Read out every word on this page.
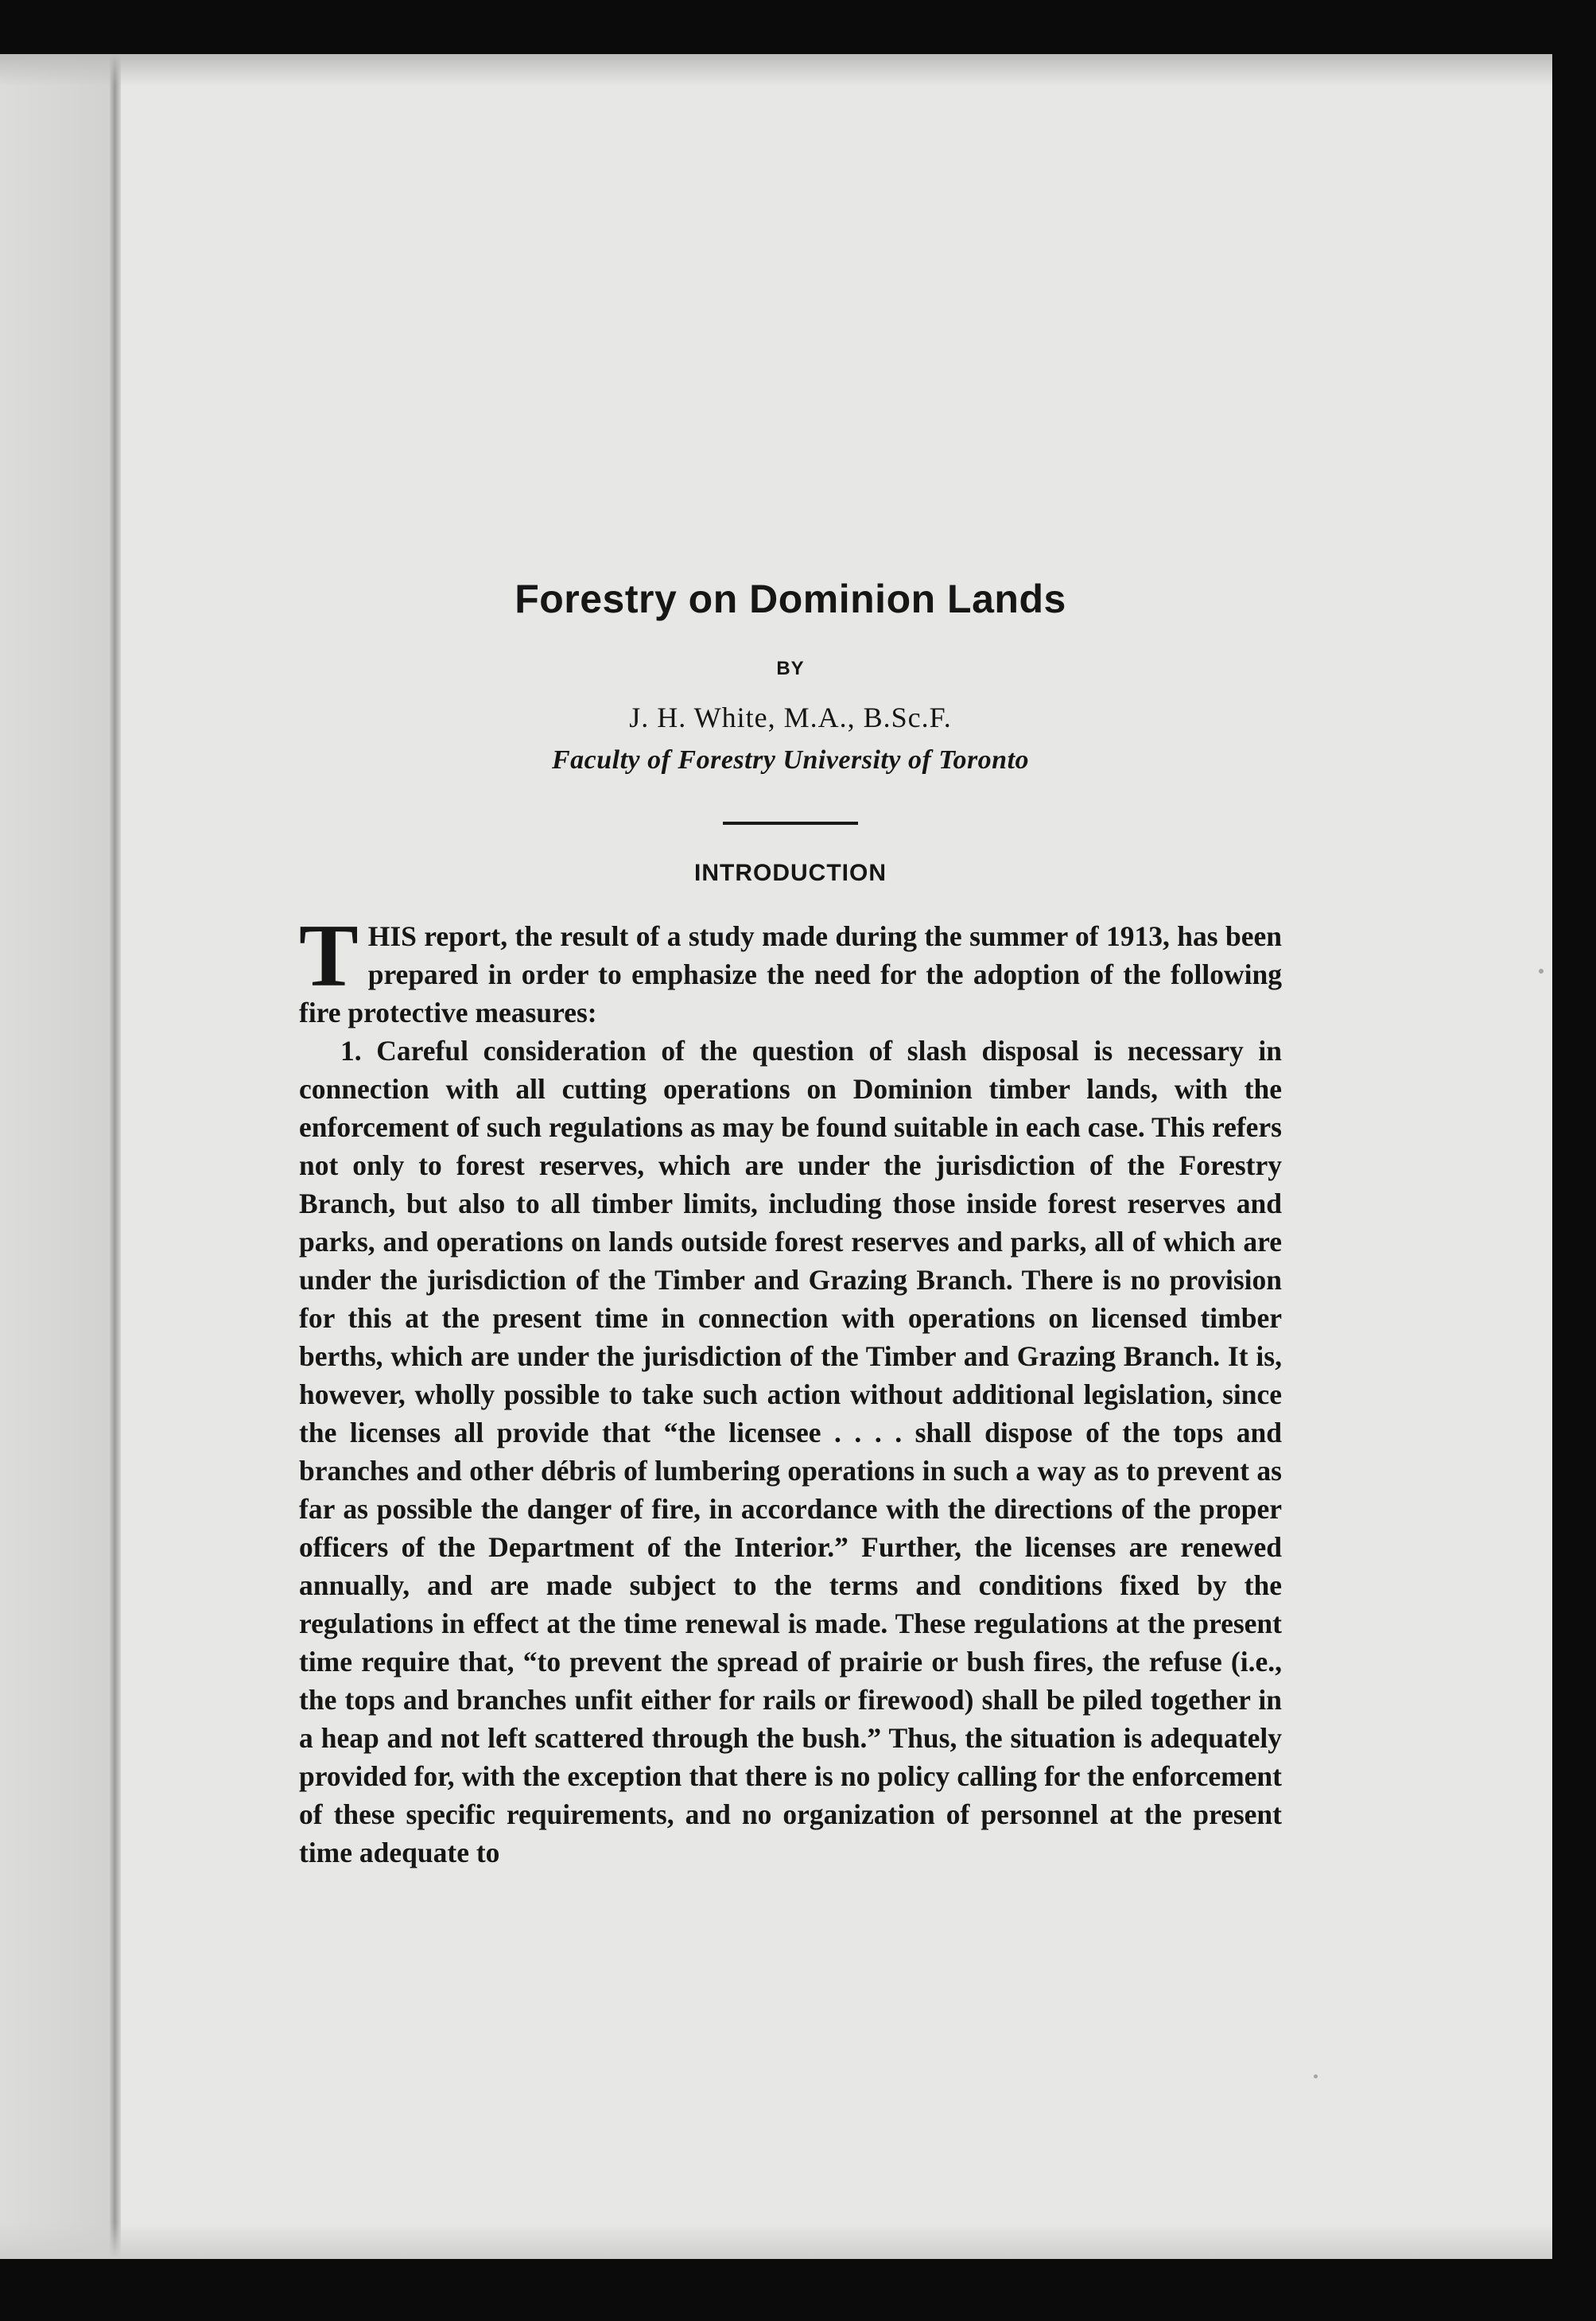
Forestry on Dominion Lands
BY
J. H. White, M.A., B.Sc.F.
Faculty of Forestry University of Toronto
INTRODUCTION

THIS report, the result of a study made during the summer of 1913, has been prepared in order to emphasize the need for the adoption of the following fire protective measures:

1. Careful consideration of the question of slash disposal is necessary in connection with all cutting operations on Dominion timber lands, with the enforcement of such regulations as may be found suitable in each case. This refers not only to forest reserves, which are under the jurisdiction of the Forestry Branch, but also to all timber limits, including those inside forest reserves and parks, and operations on lands outside forest reserves and parks, all of which are under the jurisdiction of the Timber and Grazing Branch. There is no provision for this at the present time in connection with operations on licensed timber berths, which are under the jurisdiction of the Timber and Grazing Branch. It is, however, wholly possible to take such action without additional legislation, since the licenses all provide that “the licensee . . . . shall dispose of the tops and branches and other débris of lumbering operations in such a way as to prevent as far as possible the danger of fire, in accordance with the directions of the proper officers of the Department of the Interior.” Further, the licenses are renewed annually, and are made subject to the terms and conditions fixed by the regulations in effect at the time renewal is made. These regulations at the present time require that, “to prevent the spread of prairie or bush fires, the refuse (i.e., the tops and branches unfit either for rails or firewood) shall be piled together in a heap and not left scattered through the bush.” Thus, the situation is adequately provided for, with the exception that there is no policy calling for the enforcement of these specific requirements, and no organization of personnel at the present time adequate to
